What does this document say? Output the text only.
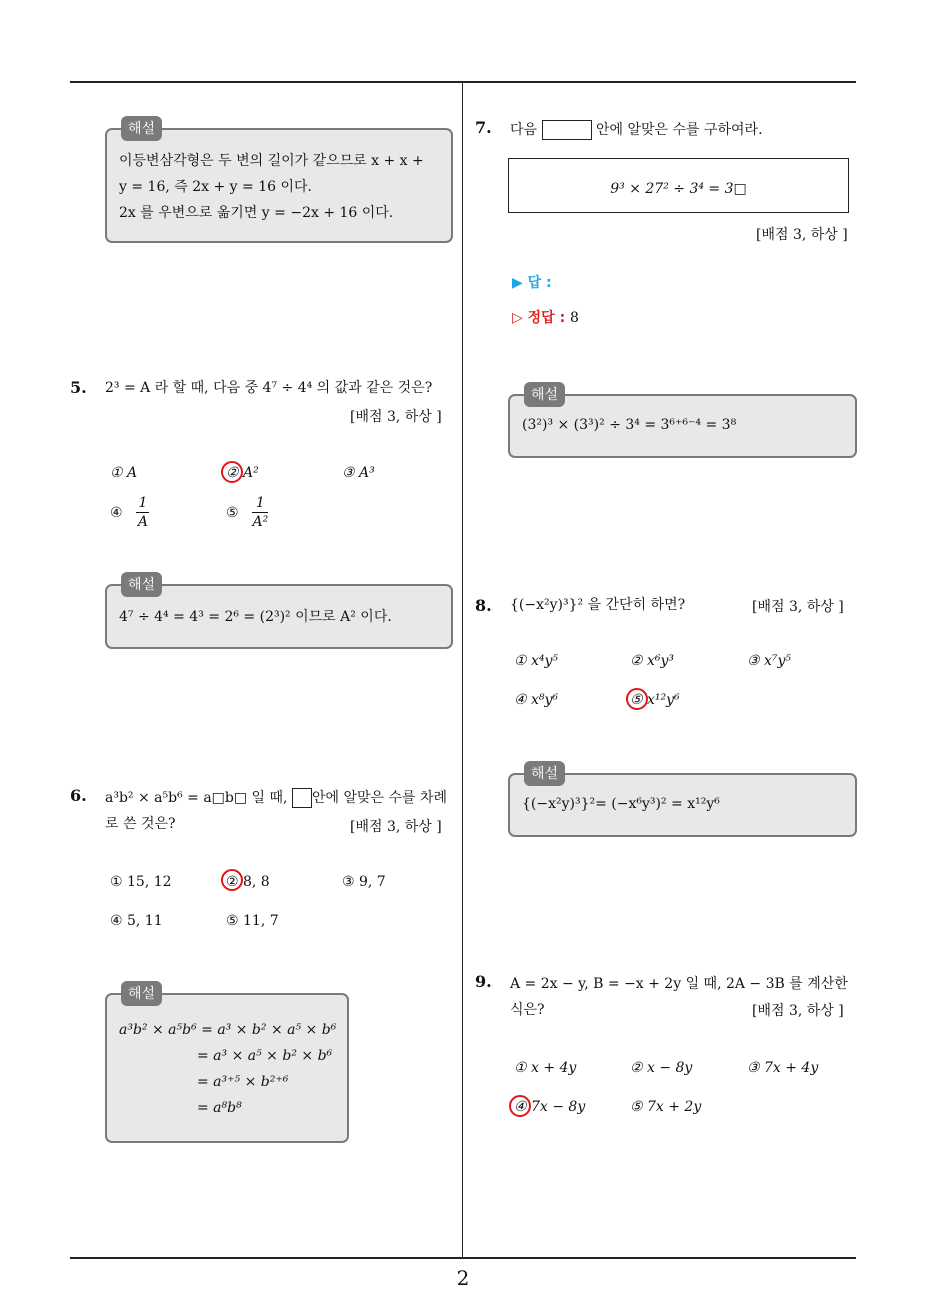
해설
이등변삼각형은 두 변의 길이가 같으므로 x + x +
y = 16, 즉 2x + y = 16 이다.
2x 를 우변으로 옮기면 y = −2x + 16 이다.
5. 2³ = A 라 할 때, 다음 중 4⁷ ÷ 4⁴ 의 값과 같은 것은?
[배점 3, 하상 ]
① A	② A²	③ A³
④ $\frac{1}{A}$	⑤ $\frac{1}{\text{A²}}$
해설
4⁷ ÷ 4⁴ = 4³ = 2⁶ = (2³)² 이므로 A² 이다.
6. a³b² × a⁵b⁶ = a□b□ 일 때, 안에 알맞은 수를 차례
로 쓴 것은?	[배점 3, 하상 ]
① 15, 12	② 8, 8	③ 9, 7
④ 5, 11	⑤ 11, 7
해설
a³b² × a⁵b⁶ = a³ × b² × a⁵ × b⁶
= a³ × a⁵ × b² × b⁶
= a³⁺⁵ × b²⁺⁶
= a⁸b⁸
7. 다음	안에 알맞은 수를 구하여라.
9³ × 27² ÷ 3⁴ = 3□
[배점 3, 하상 ]
▶ 답 :
▷ 정답 : 8
해설
(3²)³ × (3³)² ÷ 3⁴ = 3⁶⁺⁶⁻⁴ = 3⁸
8. {(−x²y)³}² 을 간단히 하면?	[배점 3, 하상 ]
① x⁴y⁵	② x⁶y³	③ x⁷y⁵
④ x⁸y⁶	⑤ x¹²y⁶
해설
{(−x²y)³}²= (−x⁶y³)² = x¹²y⁶
9. A = 2x − y, B = −x + 2y 일 때, 2A − 3B 를 계산한
식은?	[배점 3, 하상 ]
① x + 4y	② x − 8y	③ 7x + 4y
④ 7x − 8y	⑤ 7x + 2y
2
